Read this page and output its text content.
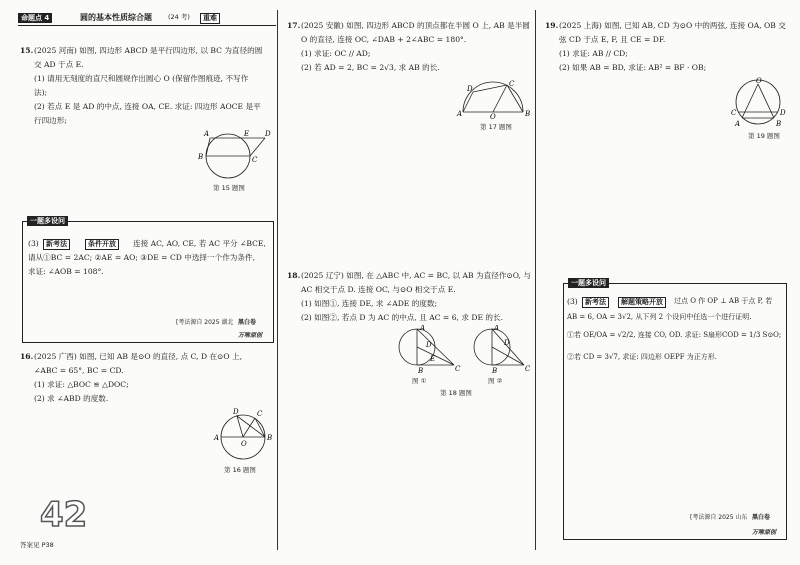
命题点 4	圆的基本性质综合题 (24 考)	重难
15. (2025 河南) 如图, 四边形 ABCD 是平行四边形, 以 BC 为直径的圆
交 AD 于点 E.
(1) 请用无刻度的直尺和圆规作出圆心 O (保留作图痕迹, 不写作
法);
(2) 若点 E 是 AD 的中点, 连接 OA, CE. 求证: 四边形 AOCE 是平
行四边形;
A	D
E
B	C
第 15 题图
一题多设问
(3)	新考法	条件开放	连接 AC, AO, CE, 若 AC 平分 ∠BCE,
请从①BC = 2AC; ②AE = AO; ③DE = CD 中选择一个作为条件,
求证: ∠AOB = 108°.
[考法源自 2025 湖北 黑白卷
万唯原创
16. (2025 广西) 如图, 已知 AB 是⊙O 的直径, 点 C, D 在⊙O 上,
∠ABC = 65°, BC = CD.
(1) 求证: △BOC ≌ △DOC;
(2) 求 ∠ABD 的度数.
A	B
D	C
O
第 16 题图
42
答案见 P38
17. (2025 安徽) 如图, 四边形 ABCD 的顶点都在半圆 O 上, AB 是半圆
O 的直径, 连接 OC, ∠DAB + 2∠ABC = 180°.
(1) 求证: OC // AD;
(2) 若 AD = 2, BC = 2√3, 求 AB 的长.
A	B
D
C
O
第 17 题图
18. (2025 辽宁) 如图, 在 △ABC 中, AC = BC, 以 AB 为直径作⊙O, 与
AC 相交于点 D. 连接 OC, 与⊙O 相交于点 E.
(1) 如图①, 连接 DE, 求 ∠ADE 的度数;
(2) 如图②, 若点 D 为 AC 的中点, 且 AC = 6, 求 DE 的长.
A
B	C
D
E
图 ①
A
B	C
D
图 ②
第 18 题图
19. (2025 上海) 如图, 已知 AB, CD 为⊙O 中的两弦, 连接 OA, OB 交
弦 CD 于点 E, F, 且 CE = DF.
(1) 求证: AB // CD;
(2) 如果 AB = BD, 求证: AB² = BF · OB;
O
C	D
A	B
第 19 题图
一题多设问
(3)	新考法	解题策略开放	过点 O 作 OP ⊥ AB 于点 P, 若
AB = 6, OA = 3√2, 从下列 2 个设问中任选一个进行证明.
①若 OE/OA = √2/2, 连接 CO, OD. 求证: S扇形COD = 1/3 S⊙O;
②若 CD = 3√7, 求证: 四边形 OEPF 为正方形.
[考法源自 2025 山东 黑白卷
万唯原创
